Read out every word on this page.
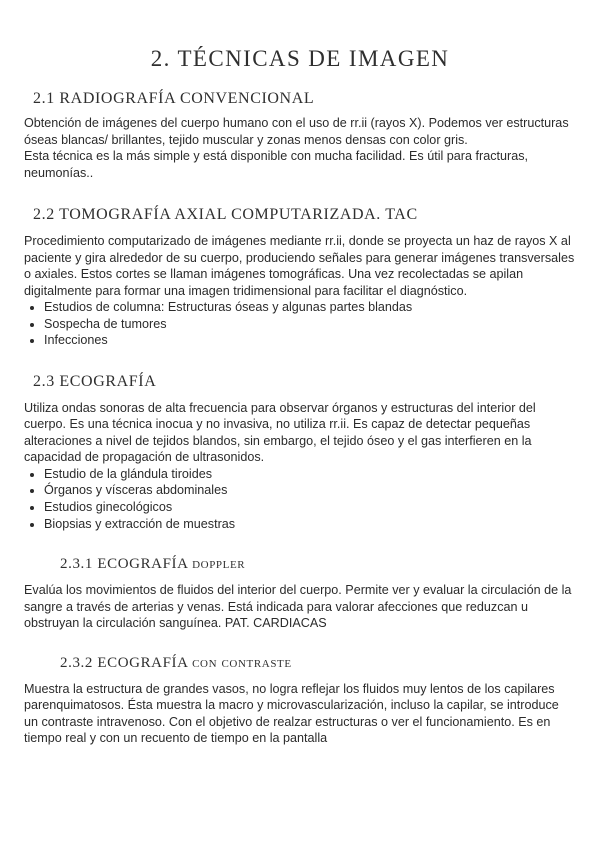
2. TÉCNICAS DE IMAGEN
2.1 RADIOGRAFÍA CONVENCIONAL

Obtención de imágenes del cuerpo humano con el uso de rr.ii (rayos X). Podemos ver estructuras óseas blancas/ brillantes, tejido muscular y zonas menos densas con color gris.

Esta técnica es la más simple y está disponible con mucha facilidad. Es útil para fracturas, neumonías..

2.2 TOMOGRAFÍA AXIAL COMPUTARIZADA. TAC

Procedimiento computarizado de imágenes mediante rr.ii, donde se proyecta un haz de rayos X al paciente y gira alrededor de su cuerpo, produciendo señales para generar imágenes transversales o axiales. Estos cortes se llaman imágenes tomográficas. Una vez recolectadas se apilan digitalmente para formar una imagen tridimensional para facilitar el diagnóstico.

• Estudios de columna: Estructuras óseas y algunas partes blandas
• Sospecha de tumores
• Infecciones
2.3 ECOGRAFÍA

Utiliza ondas sonoras de alta frecuencia para observar órganos y estructuras del interior del cuerpo. Es una técnica inocua y no invasiva, no utiliza rr.ii. Es capaz de detectar pequeñas alteraciones a nivel de tejidos blandos, sin embargo, el tejido óseo y el gas interfieren en la capacidad de propagación de ultrasonidos.

• Estudio de la glándula tiroides
• Órganos y vísceras abdominales
• Estudios ginecológicos
• Biopsias y extracción de muestras
2.3.1 ECOGRAFÍA doppler

Evalúa los movimientos de fluidos del interior del cuerpo. Permite ver y evaluar la circulación de la sangre a través de arterias y venas. Está indicada para valorar afecciones que reduzcan u obstruyan la circulación sanguínea. PAT. CARDIACAS

2.3.2 ECOGRAFÍA con contraste

Muestra la estructura de grandes vasos, no logra reflejar los fluidos muy lentos de los capilares parenquimatosos. Ésta muestra la macro y microvascularización, incluso la capilar, se introduce un contraste intravenoso. Con el objetivo de realzar estructuras o ver el funcionamiento. Es en tiempo real y con un recuento de tiempo en la pantalla
